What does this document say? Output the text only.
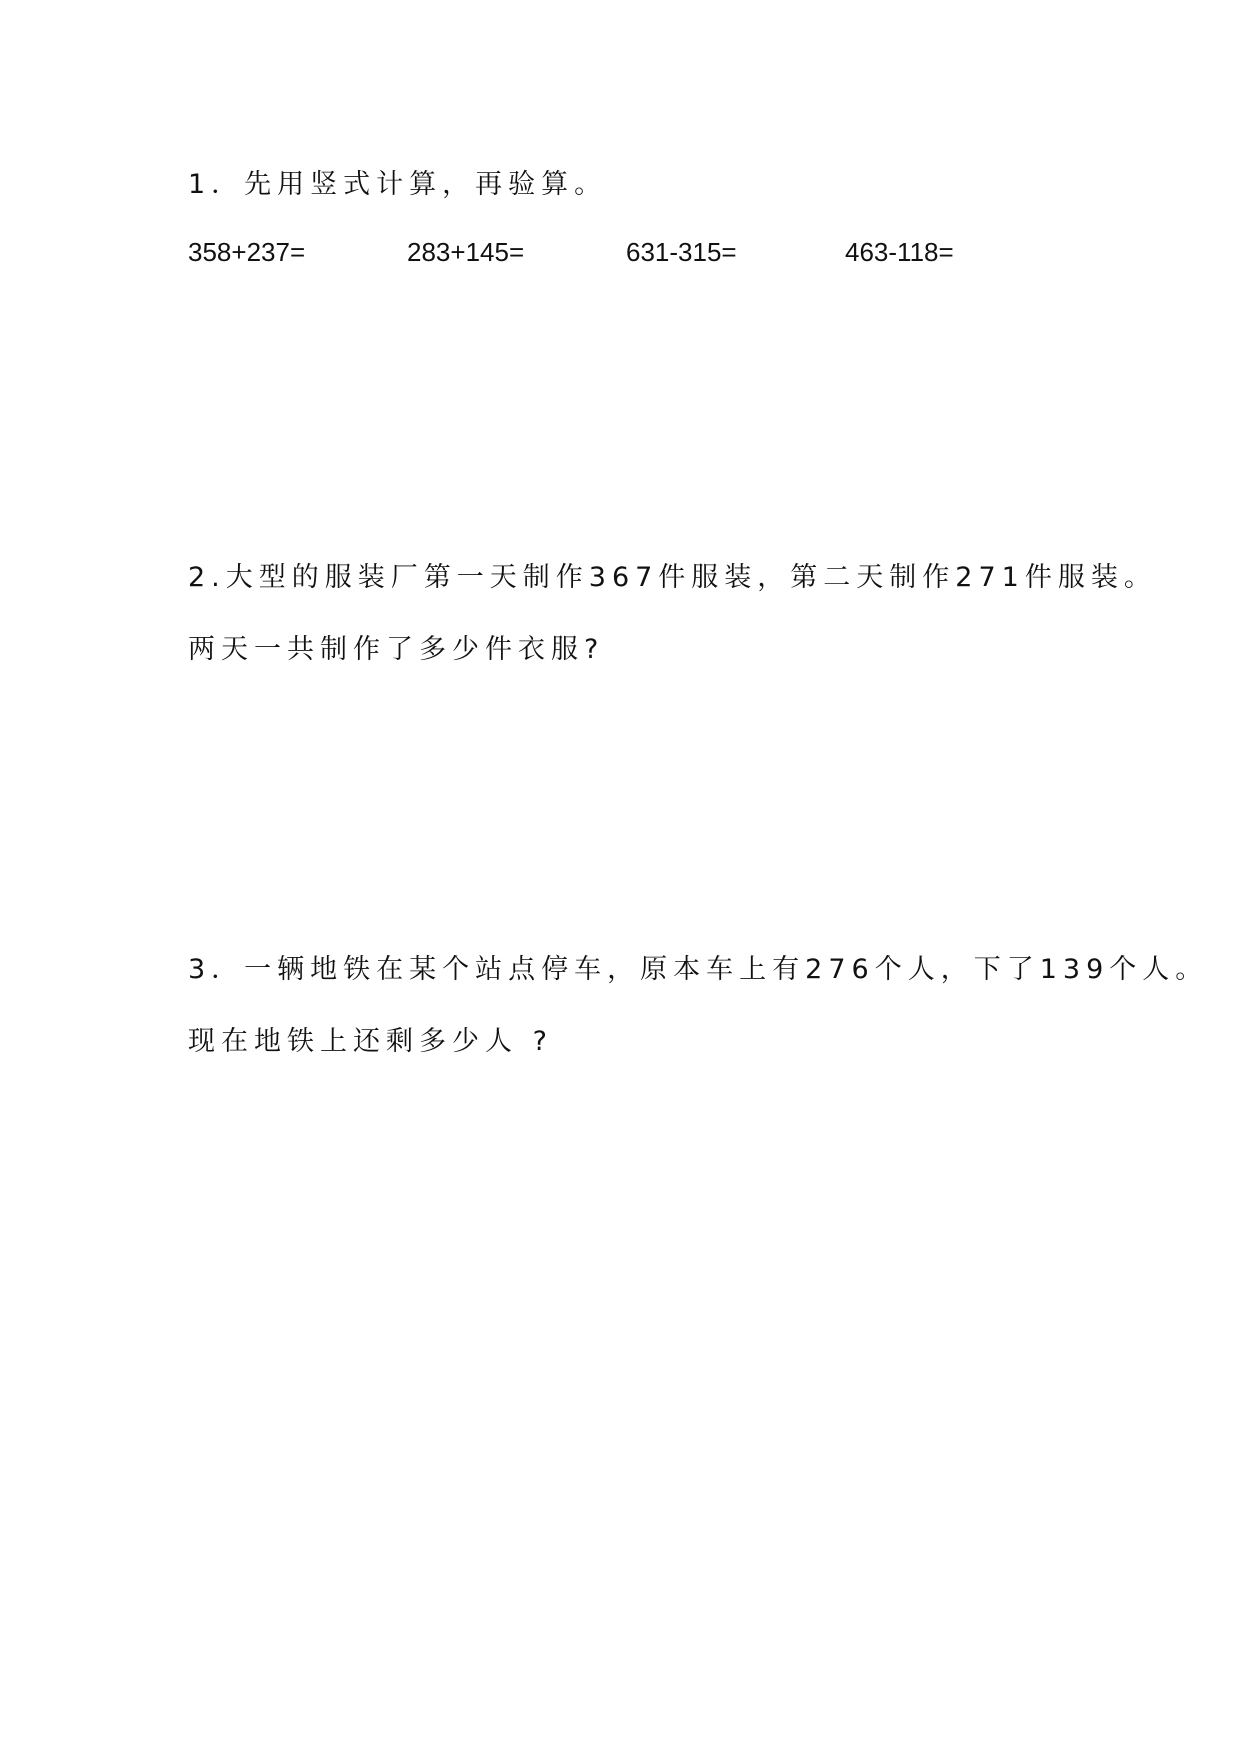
1．先用竖式计算，再验算。
358+237=	283+145=	631-315=	463-118=
2.大型的服装厂第一天制作367件服装，第二天制作271件服装。
两天一共制作了多少件衣服?
3．一辆地铁在某个站点停车，原本车上有276个人，下了139个人。
现在地铁上还剩多少人 ?
